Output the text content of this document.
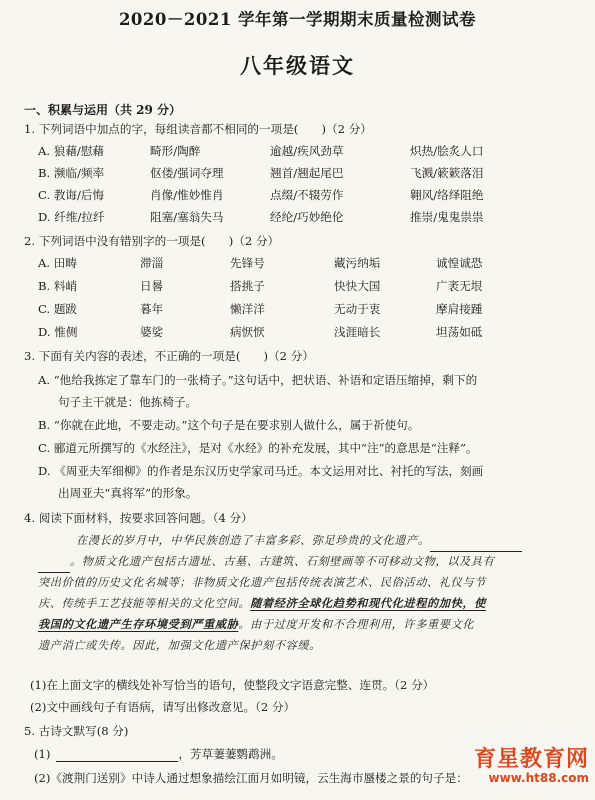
2020－2021 学年第一学期期末质量检测试卷
八年级语文
一、积累与运用（共 29 分）
1. 下列词语中加点的字，每组读音都不相同的一项是(　　)（2 分）
A. 狼藉/慰藉	畸形/陶醉	逾越/疾风劲草	炽热/脍炙人口
B. 濒临/频率	伛偻/强词夺理	翘首/翘起尾巴	飞溅/簌簌落泪
C. 教诲/后悔	肖像/惟妙惟肖	点缀/不辍劳作	翱风/络绎阻绝
D. 纤维/拉纤	阻塞/塞翁失马	经纶/巧妙绝伦	推崇/鬼鬼祟祟
2. 下列词语中没有错别字的一项是(　　)（2 分）
A. 田畴	滞淄	先锋号	藏污纳垢	诚惶诚恐
B. 料峭	日晷	搭挑子	快快大国	广袤无垠
C. 题跋	暮年	懒洋洋	无动于衷	摩肩接踵
D. 惟侧	婆娑	病恹恹	浅涯暗长	坦荡如砥
3. 下面有关内容的表述，不正确的一项是(　　)（2 分）
A. “他给我拣定了靠车门的一张椅子。”这句话中，把状语、补语和定语压缩掉，剩下的
句子主干就是：他拣椅子。
B. “你就在此地，不要走动。”这个句子是在要求别人做什么，属于祈使句。
C. 郦道元所撰写的《水经注》，是对《水经》的补充发展，其中“注”的意思是“注释”。
D. 《周亚夫军细柳》的作者是东汉历史学家司马迁。本文运用对比、衬托的写法，刻画
出周亚夫“真将军”的形象。
4. 阅读下面材料，按要求回答问题。（4 分）
在漫长的岁月中，中华民族创造了丰富多彩、弥足珍贵的文化遗产。
。物质文化遗产包括古遗址、古墓、古建筑、石刻壁画等不可移动文物，以及具有
突出价值的历史文化名城等；非物质文化遗产包括传统表演艺术、民俗活动、礼仪与节
庆、传统手工艺技能等相关的文化空间。随着经济全球化趋势和现代化进程的加快，使
我国的文化遗产生存环境受到严重威胁。由于过度开发和不合理利用，许多重要文化
遗产消亡或失传。因此，加强文化遗产保护刻不容缓。
(1)在上面文字的横线处补写恰当的语句，使整段文字语意完整、连贯。（2 分）
(2)文中画线句子有语病，请写出修改意见。（2 分）
5. 古诗文默写(8 分)
(1)	，芳草萋萋鹦鹉洲。
(2)《渡荆门送别》中诗人通过想象描绘江面月如明镜，云生海市蜃楼之景的句子是：
育星教育网
www.ht88.com
